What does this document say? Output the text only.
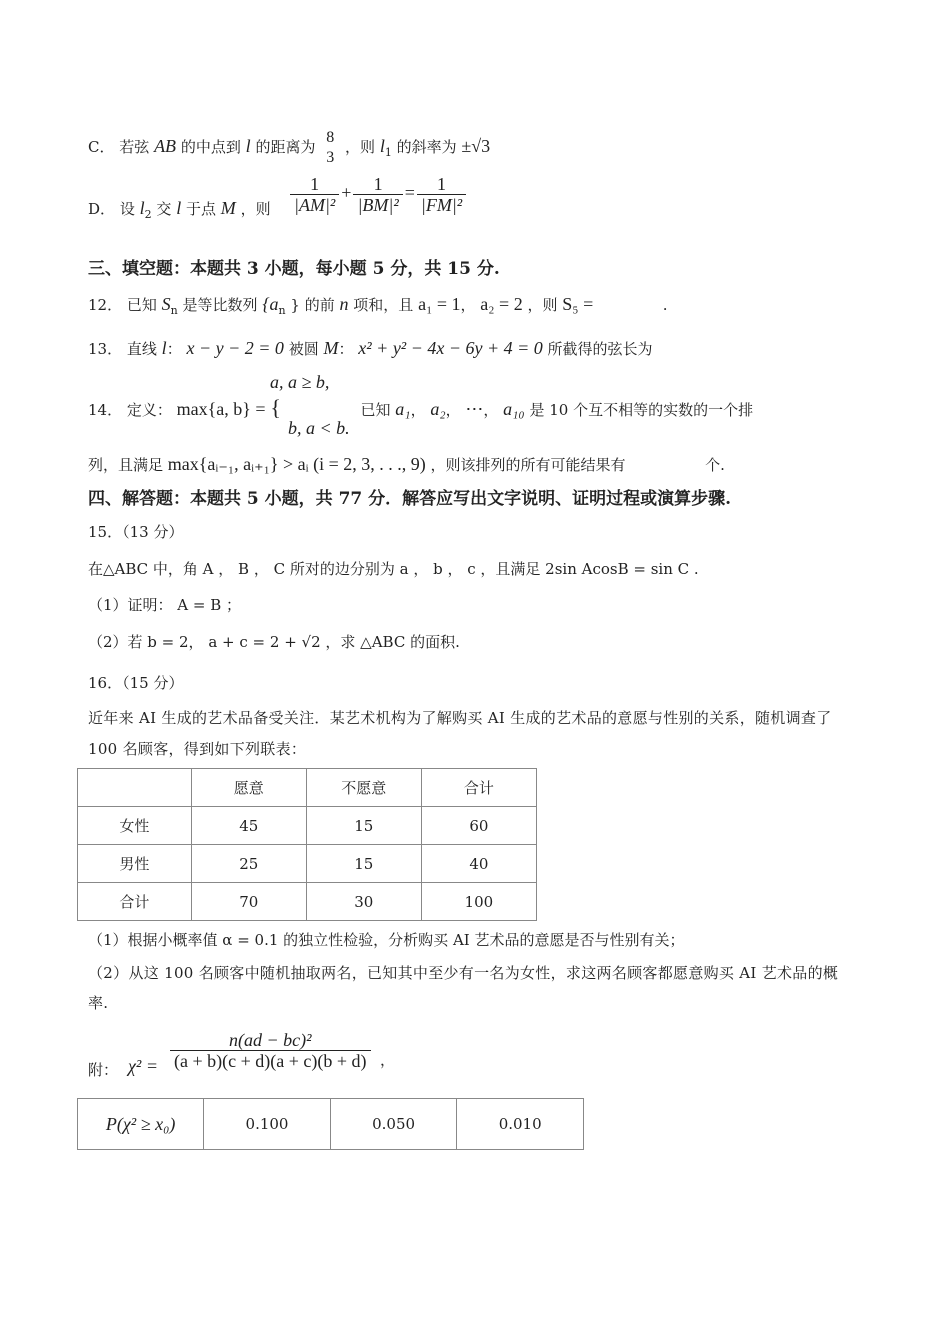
C． 若弦 AB 的中点到 l 的距离为
8
3
，则 $l_1$ 的斜率为 ±√3
D． 设 $l_2$ 交 l 于点 M ，则 $\frac{1}{\text{|AM|²}} + \frac{1}{\text{|BM|²}} = \frac{1}{\text{|FM|²}}$
三、填空题：本题共 3 小题，每小题 5 分，共 15 分.
12． 已知 $S_n$ 是等比数列 {$a_n$ } 的前 n 项和，且 a₁ = 1， a₂ = 2 ，则 S₅ =	.
13． 直线 l： x − y − 2 = 0 被圆 M： x² + y² − 4x − 6y + 4 = 0 所截得的弦长为
14． 定义： max{a, b} = {
a, a ≥ b,
b, a < b.
已知 a₁， a₂， ⋯， a₁₀ 是 10 个互不相等的实数的一个排
列，且满足 max{aᵢ₋₁, aᵢ₊₁} > aᵢ (i = 2, 3, . . ., 9) ，则该排列的所有可能结果有	个.
四、解答题：本题共 5 小题，共 77 分．解答应写出文字说明、证明过程或演算步骤.
15．（13 分）
在△ABC 中，角 A ， B ， C 所对的边分别为 a ， b ， c ，且满足 2sin AcosB = sin C .
（1）证明： A = B ；
（2）若 b = 2， a + c = 2 + √2 ，求 △ABC 的面积.
16．（15 分）
近年来 AI 生成的艺术品备受关注．某艺术机构为了解购买 AI 生成的艺术品的意愿与性别的关系，随机调查了 100 名顾客，得到如下列联表：
	愿意	不愿意	合计
女性	45	15	60
男性	25	15	40
合计	70	30	100
（1）根据小概率值 α = 0.1 的独立性检验，分析购买 AI 艺术品的意愿是否与性别有关；
（2）从这 100 名顾客中随机抽取两名，已知其中至少有一名为女性，求这两名顾客都愿意购买 AI 艺术品的概率.
附： $\chi^2 = \frac{\text{n(ad − bc)²}}{(a + b)(c + d)(a + c)(b + d)}$ ，
P(χ² ≥ x₀)	0.100	0.050	0.010
